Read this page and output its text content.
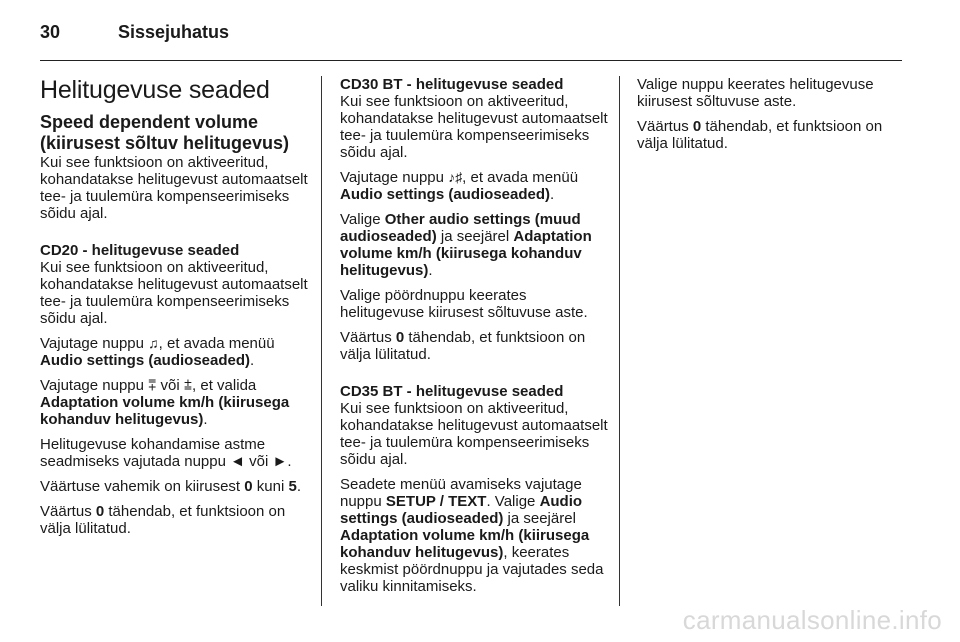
30	Sissejuhatus
Helitugevuse seaded
Speed dependent volume (kiirusest sõltuv helitugevus)

Kui see funktsioon on aktiveeritud, kohandatakse helitugevust automaatselt tee- ja tuulemüra kompenseerimiseks sõidu ajal.

CD20 - helitugevuse seaded

Kui see funktsioon on aktiveeritud, kohandatakse helitugevust automaatselt tee- ja tuulemüra kompenseerimiseks sõidu ajal.

Vajutage nuppu ♫, et avada menüü Audio settings (audioseaded).

Vajutage nuppu ⩱ või ⩲, et valida Adaptation volume km/h (kiirusega kohanduv helitugevus).

Helitugevuse kohandamise astme seadmiseks vajutada nuppu ◄ või ►.

Väärtuse vahemik on kiirusest 0 kuni 5.

Väärtus 0 tähendab, et funktsioon on välja lülitatud.

CD30 BT - helitugevuse seaded

Kui see funktsioon on aktiveeritud, kohandatakse helitugevust automaatselt tee- ja tuulemüra kompenseerimiseks sõidu ajal.

Vajutage nuppu ♪♯, et avada menüü Audio settings (audioseaded).

Valige Other audio settings (muud audioseaded) ja seejärel Adaptation volume km/h (kiirusega kohanduv helitugevus).

Valige pöördnuppu keerates helitugevuse kiirusest sõltuvuse aste.

Väärtus 0 tähendab, et funktsioon on välja lülitatud.

CD35 BT - helitugevuse seaded

Kui see funktsioon on aktiveeritud, kohandatakse helitugevust automaatselt tee- ja tuulemüra kompenseerimiseks sõidu ajal.

Seadete menüü avamiseks vajutage nuppu SETUP / TEXT. Valige Audio settings (audioseaded) ja seejärel Adaptation volume km/h (kiirusega kohanduv helitugevus), keerates keskmist pöördnuppu ja vajutades seda valiku kinnitamiseks.

Valige nuppu keerates helitugevuse kiirusest sõltuvuse aste.

Väärtus 0 tähendab, et funktsioon on välja lülitatud.

carmanualsonline.info
